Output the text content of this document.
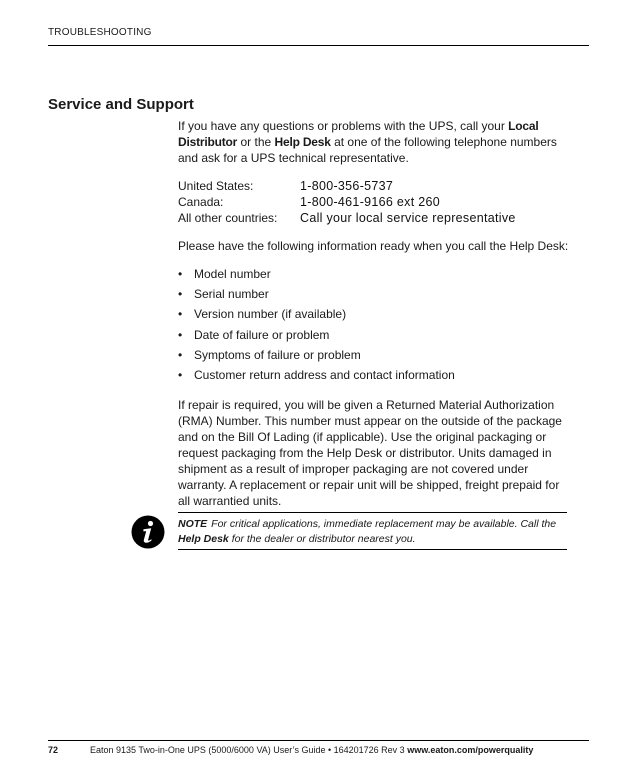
TROUBLESHOOTING
Service and Support

If you have any questions or problems with the UPS, call your Local Distributor or the Help Desk at one of the following telephone numbers and ask for a UPS technical representative.

United States:	1-800-356-5737
Canada:	1-800-461-9166 ext 260
All other countries:	Call your local service representative

Please have the following information ready when you call the Help Desk:

• Model number
• Serial number
• Version number (if available)
• Date of failure or problem
• Symptoms of failure or problem
• Customer return address and contact information

If repair is required, you will be given a Returned Material Authorization (RMA) Number. This number must appear on the outside of the package and on the Bill Of Lading (if applicable). Use the original packaging or request packaging from the Help Desk or distributor. Units damaged in shipment as a result of improper packaging are not covered under warranty. A replacement or repair unit will be shipped, freight prepaid for all warrantied units.

NOTE For critical applications, immediate replacement may be available. Call the Help Desk for the dealer or distributor nearest you.
72	Eaton 9135 Two-in-One UPS (5000/6000 VA) User’s Guide • 164201726 Rev 3 www.eaton.com/powerquality
